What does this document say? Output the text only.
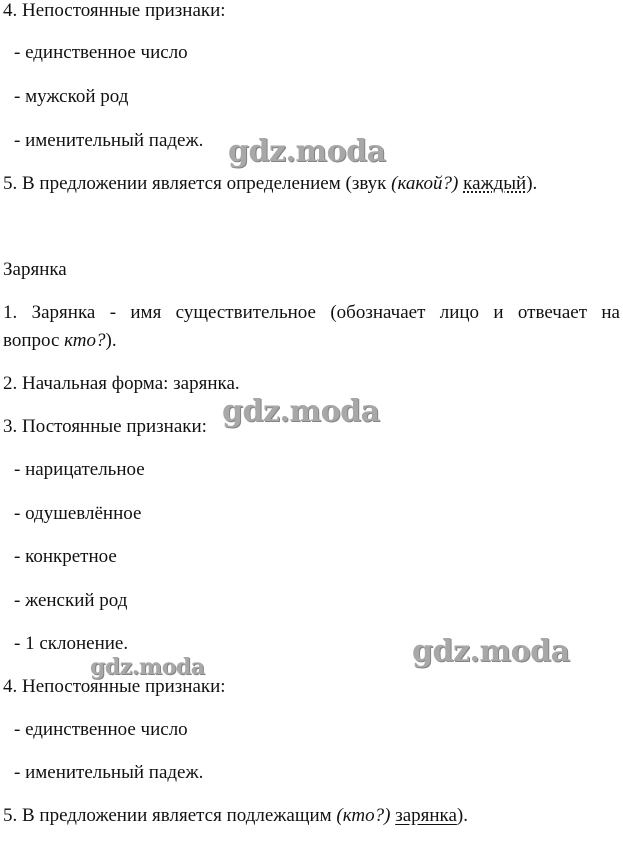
4. Непостоянные признаки:
- единственное число
- мужской род
- именительный падеж.
5. В предложении является определением (звук (какой?) каждый).
Зарянка
1. Зарянка - имя существительное (обозначает лицо и отвечает на
вопрос кто?).
2. Начальная форма: зарянка.
3. Постоянные признаки:
- нарицательное
- одушевлённое
- конкретное
- женский род
- 1 склонение.
4. Непостоянные признаки:
- единственное число
- именительный падеж.
5. В предложении является подлежащим (кто?) зарянка).
gdz.moda
gdz.moda
gdz.moda
gdz.moda
